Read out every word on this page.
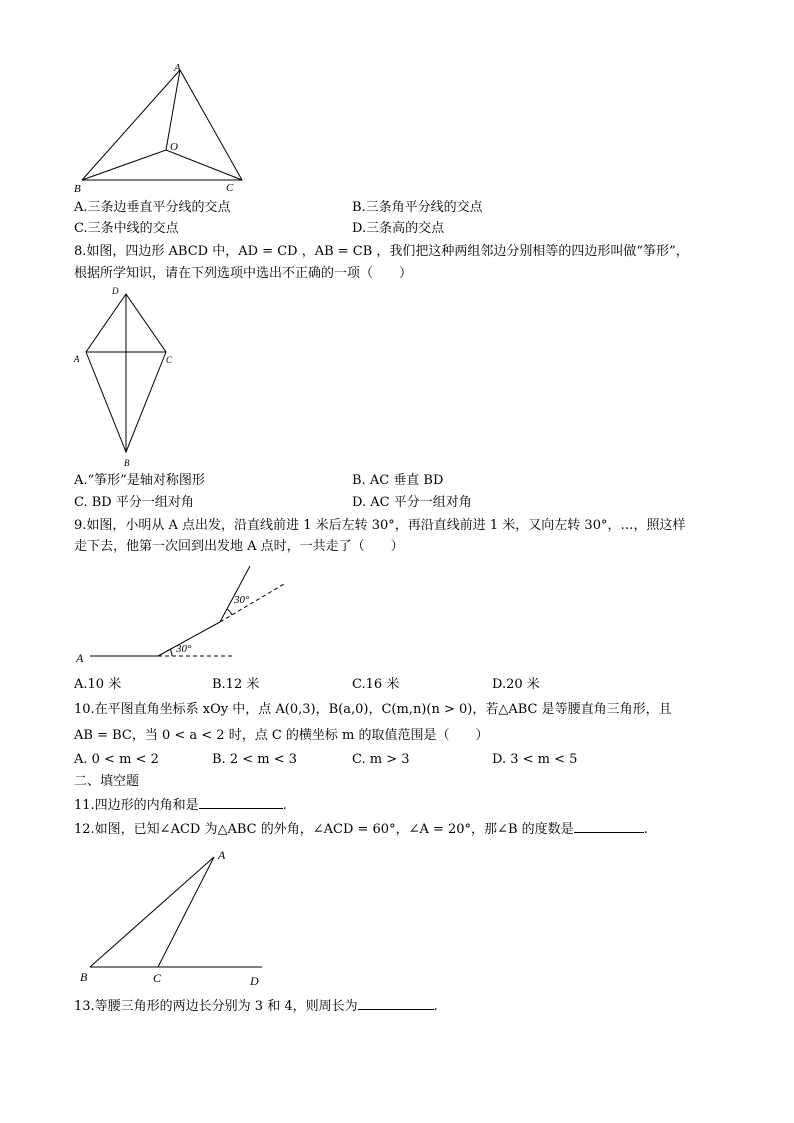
A
B	C
O
A.三条边垂直平分线的交点	B.三条角平分线的交点
C.三条中线的交点	D.三条高的交点
8.如图，四边形 ABCD 中，AD = CD ，AB = CB ，我们把这种两组邻边分别相等的四边形叫做“筝形”，
根据所学知识，请在下列选项中选出不正确的一项（　　）
D
A	C
B
A.“筝形”是轴对称图形	B. AC 垂直 BD
C. BD 平分一组对角	D. AC 平分一组对角
9.如图，小明从 A 点出发，沿直线前进 1 米后左转 30°，再沿直线前进 1 米，又向左转 30°，…，照这样
走下去，他第一次回到出发地 A 点时，一共走了（　　）
A
30°
30°
A.10 米	B.12 米	C.16 米	D.20 米
10.在平图直角坐标系 xOy 中，点 A(0,3)，B(a,0)，C(m,n)(n > 0)，若△ABC 是等腰直角三角形，且
AB = BC，当 0 < a < 2 时，点 C 的横坐标 m 的取值范围是（　　）
A. 0 < m < 2	B. 2 < m < 3	C. m > 3	D. 3 < m < 5
二、填空题
11.四边形的内角和是	.
12.如图，已知∠ACD 为△ABC 的外角，∠ACD = 60°，∠A = 20°，那∠B 的度数是	.
A
B	C	D
13.等腰三角形的两边长分别为 3 和 4，则周长为	.
